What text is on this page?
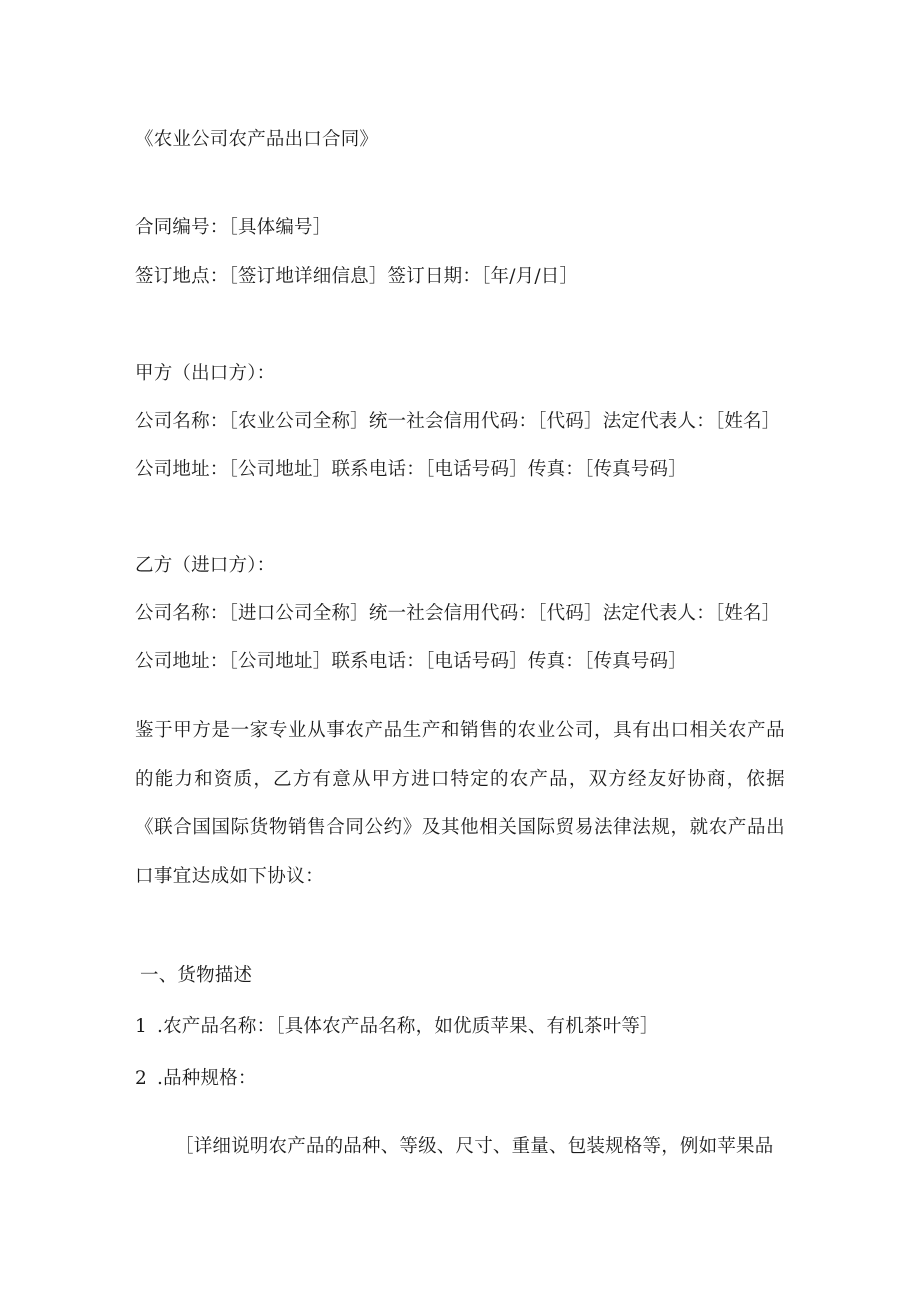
《农业公司农产品出口合同》
合同编号：［具体编号］
签订地点：［签订地详细信息］签订日期：［年/月/日］
甲方（出口方）：
公司名称：［农业公司全称］统一社会信用代码：［代码］法定代表人：［姓名］
公司地址：［公司地址］联系电话：［电话号码］传真：［传真号码］
乙方（进口方）：
公司名称：［进口公司全称］统一社会信用代码：［代码］法定代表人：［姓名］
公司地址：［公司地址］联系电话：［电话号码］传真：［传真号码］
鉴于甲方是一家专业从事农产品生产和销售的农业公司，具有出口相关农产品的能力和资质，乙方有意从甲方进口特定的农产品，双方经友好协商，依据《联合国国际货物销售合同公约》及其他相关国际贸易法律法规，就农产品出口事宜达成如下协议：
一、货物描述
1 .农产品名称：［具体农产品名称，如优质苹果、有机茶叶等］
2 .品种规格：
［详细说明农产品的品种、等级、尺寸、重量、包装规格等，例如苹果品
